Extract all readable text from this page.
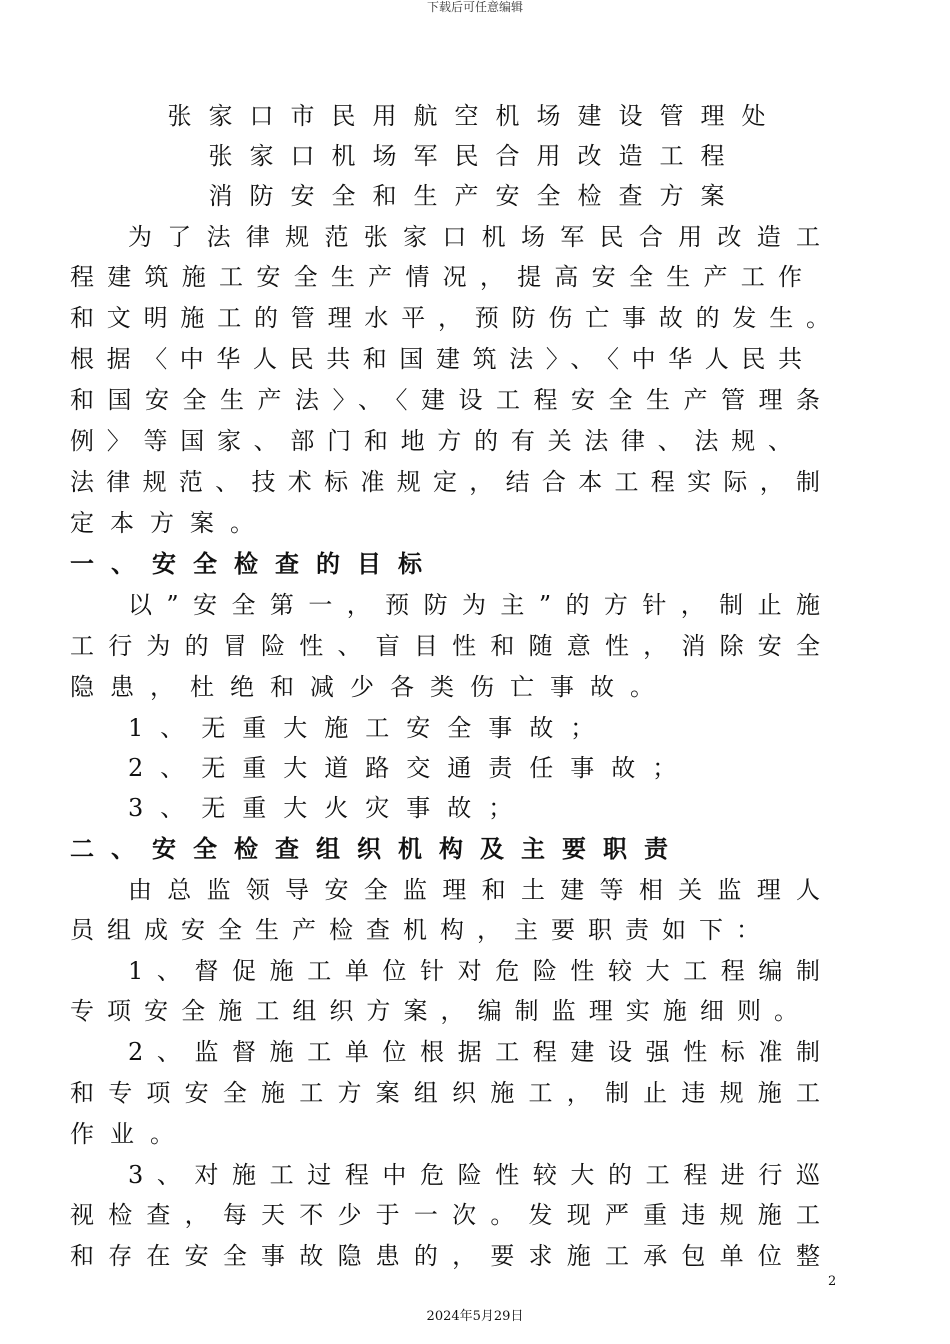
下载后可任意编辑
张家口市民用航空机场建设管理处
张家口机场军民合用改造工程
消防安全和生产安全检查方案
为了法律规范张家口机场军民合用改造工
程建筑施工安全生产情况，提高安全生产工作
和文明施工的管理水平，预防伤亡事故的发生。
根据〈中华人民共和国建筑法〉、〈中华人民共
和国安全生产法〉、〈建设工程安全生产管理条
例〉等国家、部门和地方的有关法律、法规、
法律规范、技术标准规定，结合本工程实际，制
定本方案。
一、安全检查的目标
以”安全第一，预防为主”的方针，制止施
工行为的冒险性、盲目性和随意性，消除安全
隐患，杜绝和减少各类伤亡事故。
1、无重大施工安全事故；
2、无重大道路交通责任事故；
3、无重大火灾事故；
二、安全检查组织机构及主要职责
由总监领导安全监理和土建等相关监理人
员组成安全生产检查机构，主要职责如下：
1、督促施工单位针对危险性较大工程编制
专项安全施工组织方案，编制监理实施细则。
2、监督施工单位根据工程建设强性标准制
和专项安全施工方案组织施工，制止违规施工
作业。
3、对施工过程中危险性较大的工程进行巡
视检查，每天不少于一次。发现严重违规施工
和存在安全事故隐患的，要求施工承包单位整
2
2024年5月29日
